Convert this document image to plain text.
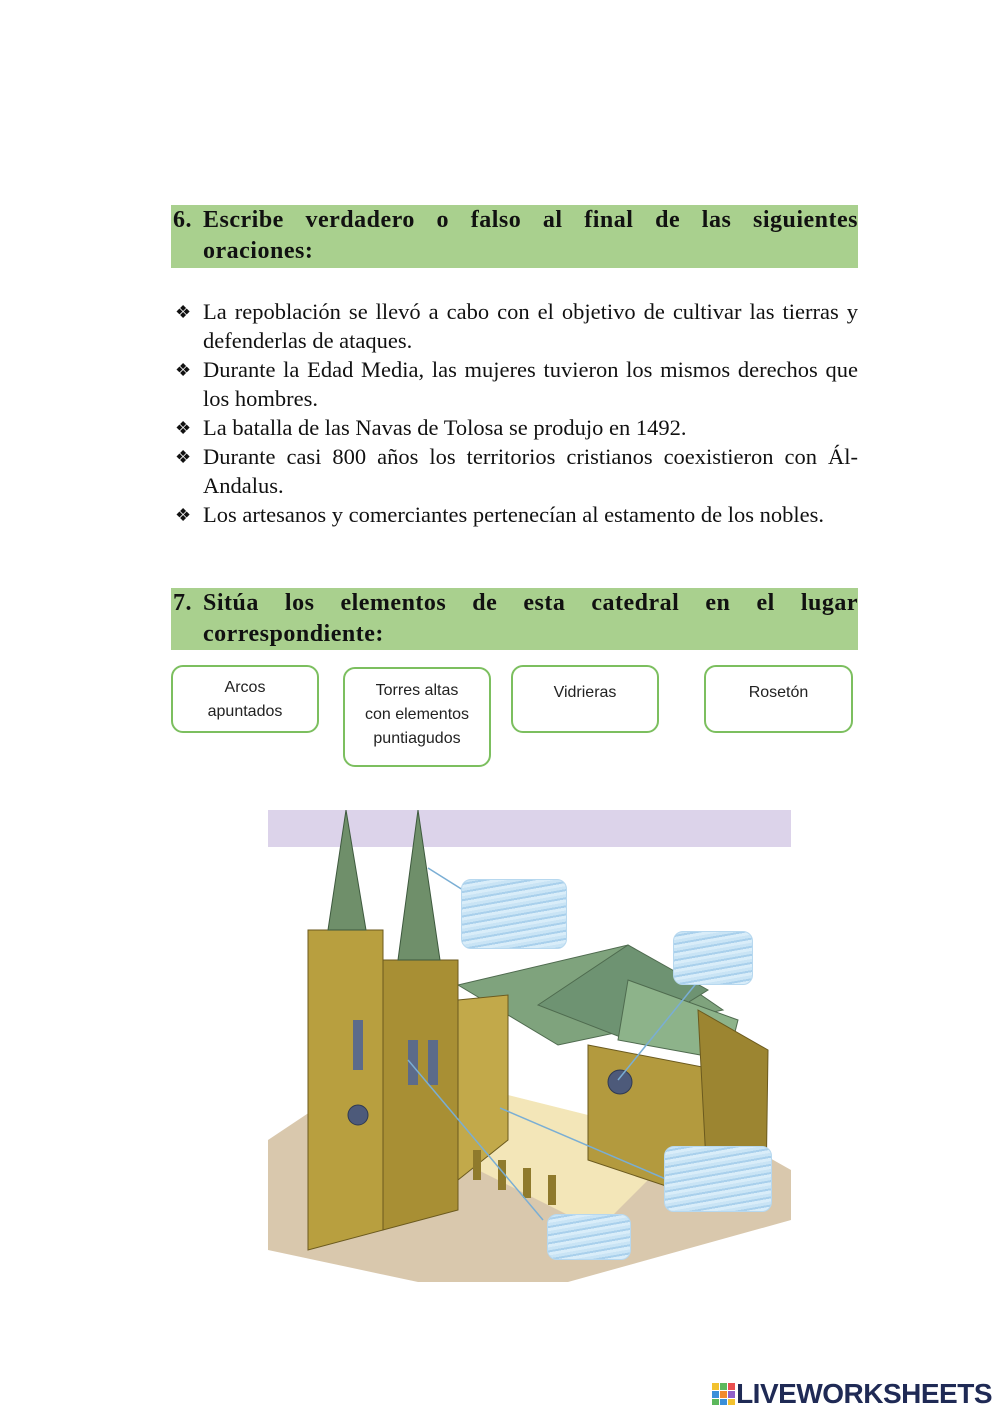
6. Escribe verdadero o falso al final de las siguientes
oraciones:
❖ La repoblación se llevó a cabo con el objetivo de cultivar las tierras y
defenderlas de ataques.
❖ Durante la Edad Media, las mujeres tuvieron los mismos derechos que
los hombres.
❖ La batalla de las Navas de Tolosa se produjo en 1492.
❖ Durante casi 800 años los territorios cristianos coexistieron con Ál-
Andalus.
❖ Los artesanos y comerciantes pertenecían al estamento de los nobles.
7. Sitúa los elementos de esta catedral en el lugar
correspondiente:
Arcos
apuntados
Torres altas
con elementos
puntiagudos
Vidrieras	Rosetón
LIVEWORKSHEETS
